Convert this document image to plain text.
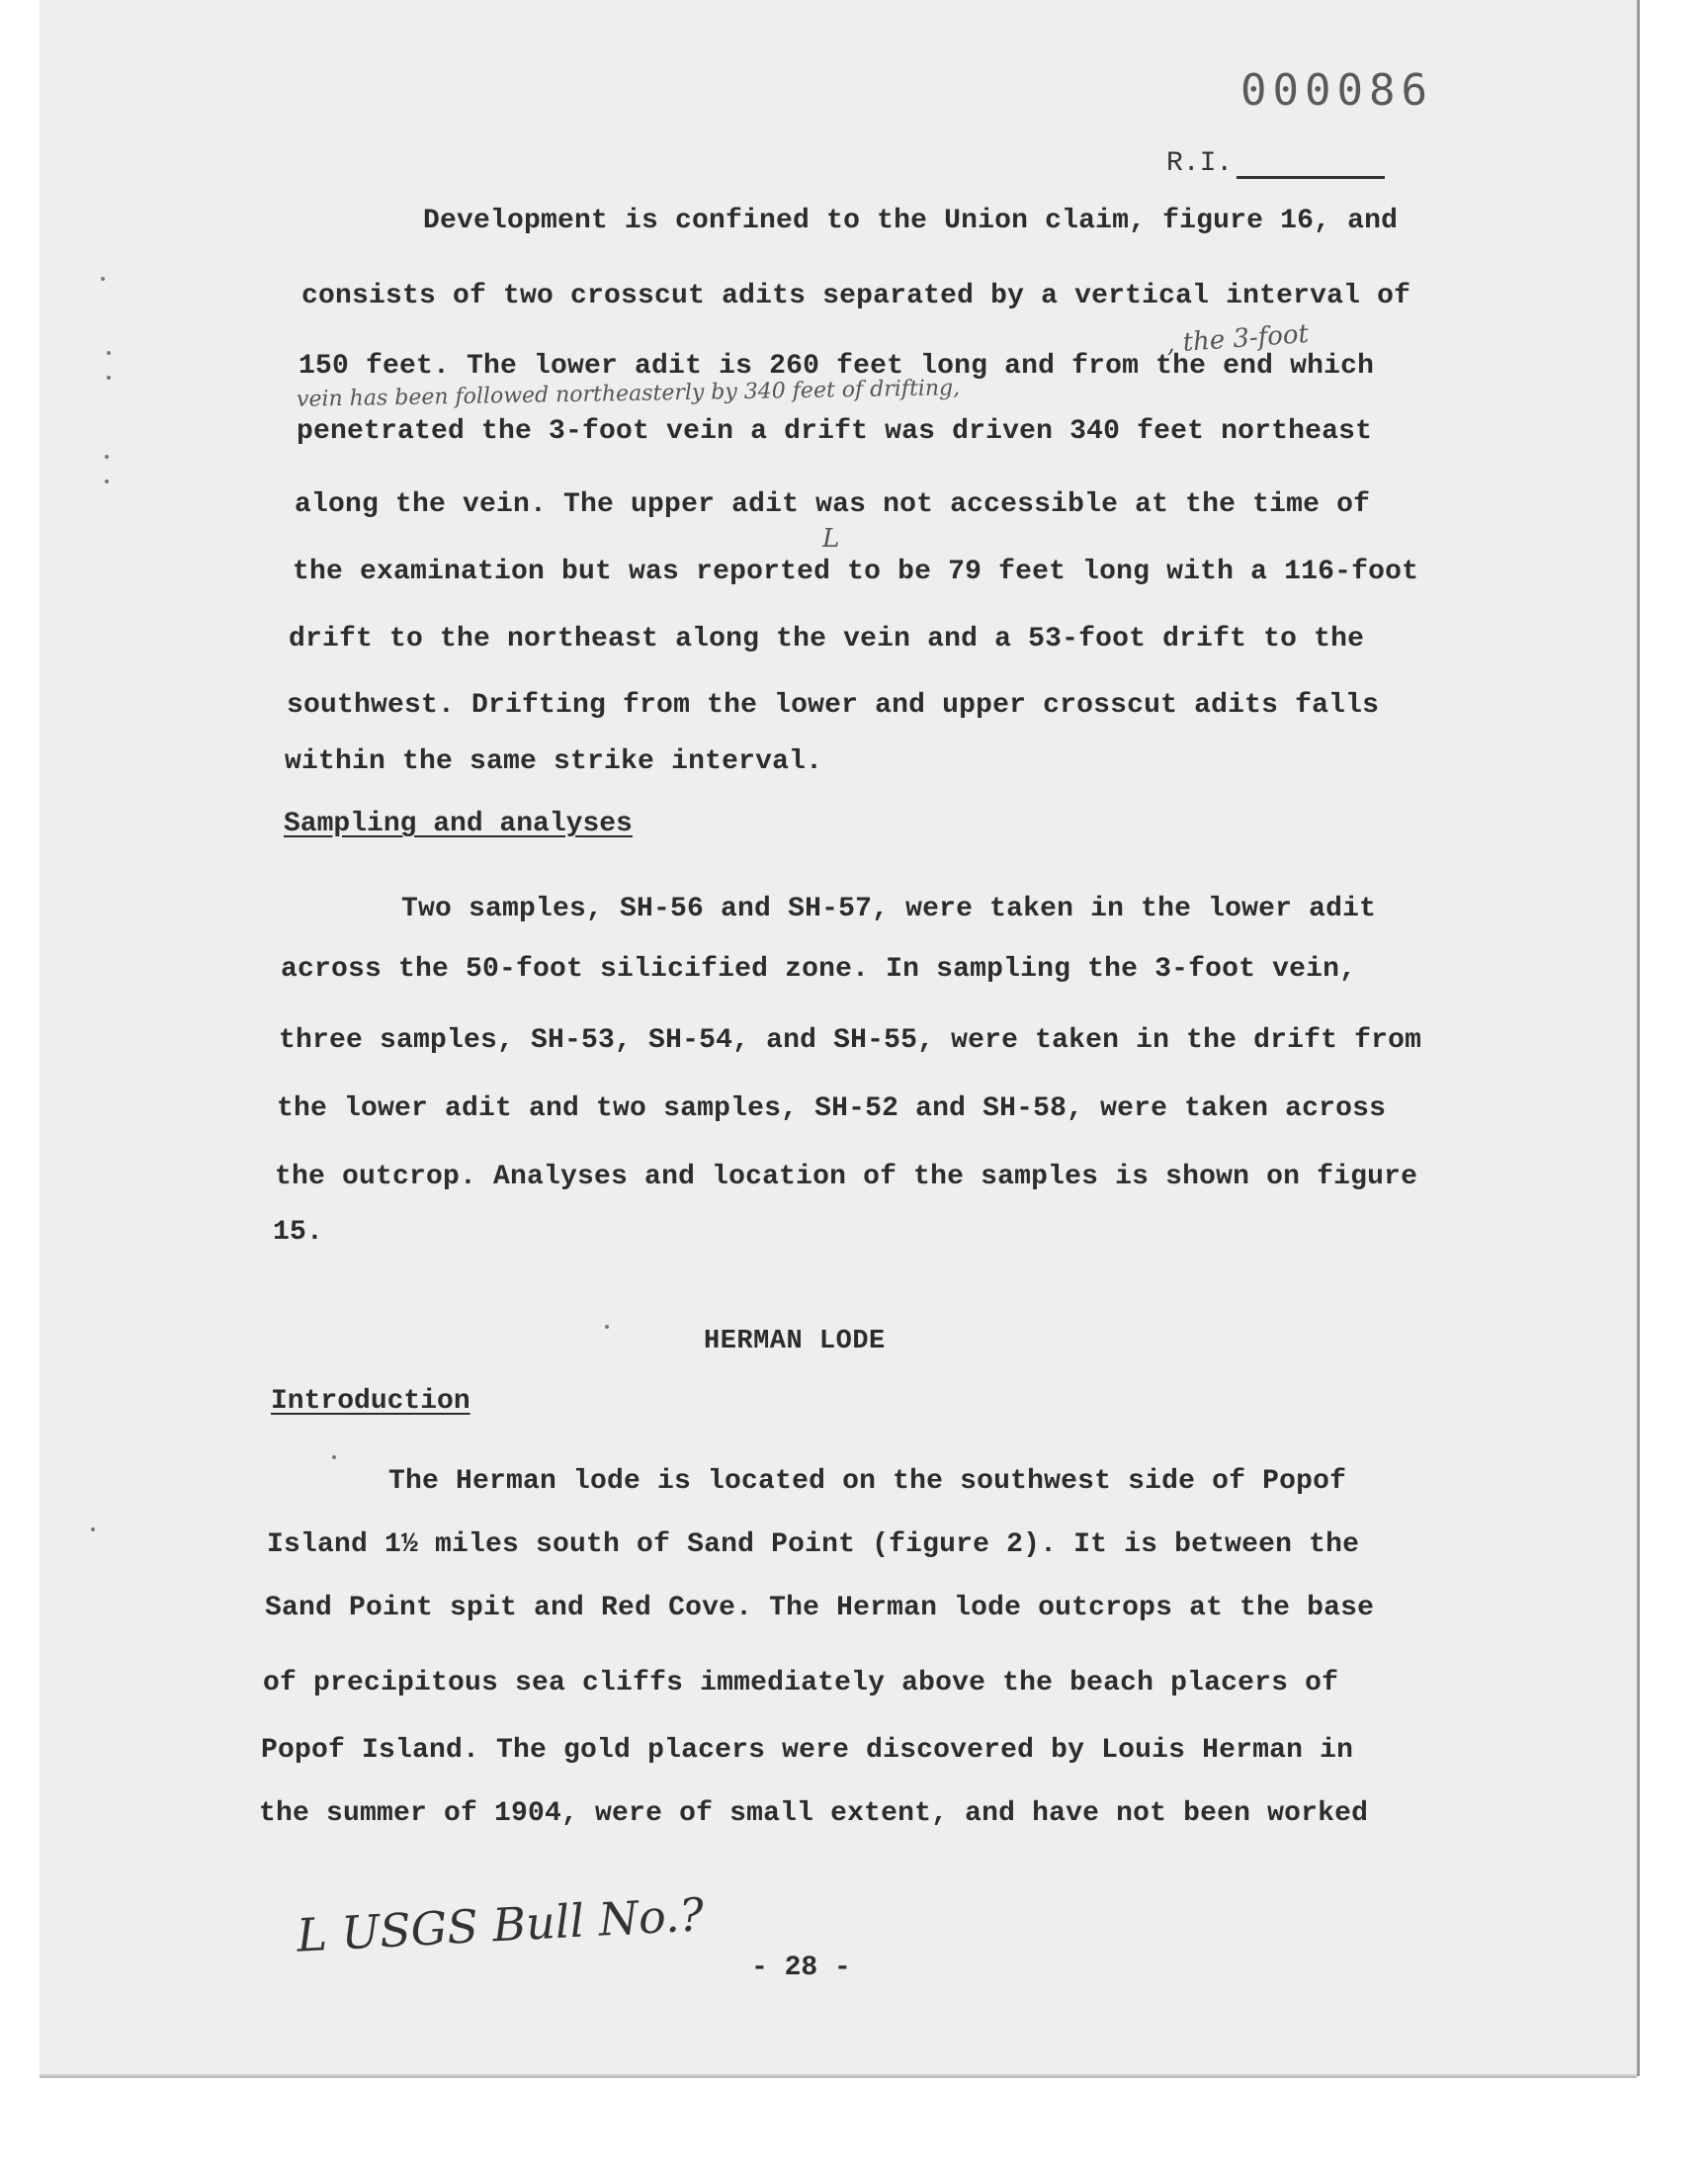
000086
R.I.
Development is confined to the Union claim, figure 16, and
consists of two crosscut adits separated by a vertical interval of
150 feet. The lower adit is 260 feet long and from the end which
, the 3-foot
vein has been followed northeasterly by 340 feet of drifting,
penetrated the 3-foot vein a drift was driven 340 feet northeast
along the vein. The upper adit was not accessible at the time of
L
the examination but was reported to be 79 feet long with a 116-foot
drift to the northeast along the vein and a 53-foot drift to the
southwest. Drifting from the lower and upper crosscut adits falls
within the same strike interval.
Sampling and analyses
Two samples, SH-56 and SH-57, were taken in the lower adit
across the 50-foot silicified zone. In sampling the 3-foot vein,
three samples, SH-53, SH-54, and SH-55, were taken in the drift from
the lower adit and two samples, SH-52 and SH-58, were taken across
the outcrop. Analyses and location of the samples is shown on figure
15.
HERMAN LODE
Introduction
The Herman lode is located on the southwest side of Popof
Island 1½ miles south of Sand Point (figure 2). It is between the
Sand Point spit and Red Cove. The Herman lode outcrops at the base
of precipitous sea cliffs immediately above the beach placers of
Popof Island. The gold placers were discovered by Louis Herman in
the summer of 1904, were of small extent, and have not been worked
L USGS Bull No.?
- 28 -
